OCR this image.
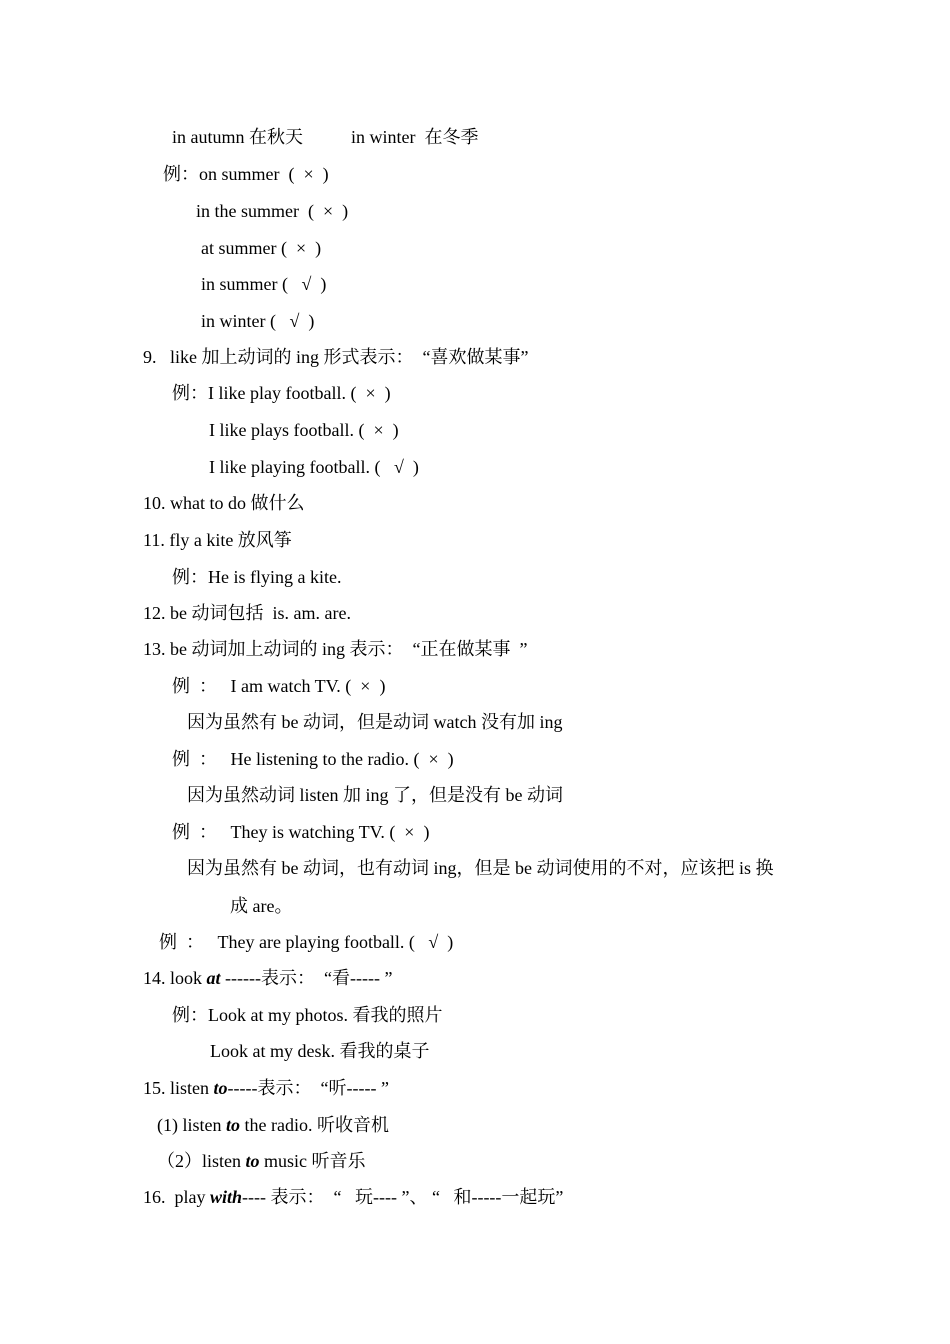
in autumn 在秋天	in winter  在冬季
例：on summer  (  ×  )
in the summer  (  ×  )
at summer (  ×  )
in summer (   √  )
in winter (   √  )
9.   like 加上动词的 ing 形式表示：  “喜欢做某事”
例：I like play football. (  ×  )
I like plays football. (  ×  )
I like playing football. (   √  )
10. what to do 做什么
11. fly a kite 放风筝
例：He is flying a kite.
12. be 动词包括  is. am. are.
13. be 动词加上动词的 ing 表示：  “正在做某事  ”
例  ：   I am watch TV. (  ×  )
因为虽然有 be 动词，但是动词 watch 没有加 ing
例  ：   He listening to the radio. (  ×  )
因为虽然动词 listen 加 ing 了，但是没有 be 动词
例  ：   They is watching TV. (  ×  )
因为虽然有 be 动词，也有动词 ing，但是 be 动词使用的不对，应该把 is 换
成 are。
例  ：   They are playing football. (   √  )
14. look at ------表示：  “看----- ”
例：Look at my photos. 看我的照片
Look at my desk. 看我的桌子
15. listen to-----表示：  “听----- ”
(1) listen to the radio. 听收音机
（2）listen to music 听音乐
16.  play with---- 表示：  “   玩---- ”、 “   和-----一起玩”
